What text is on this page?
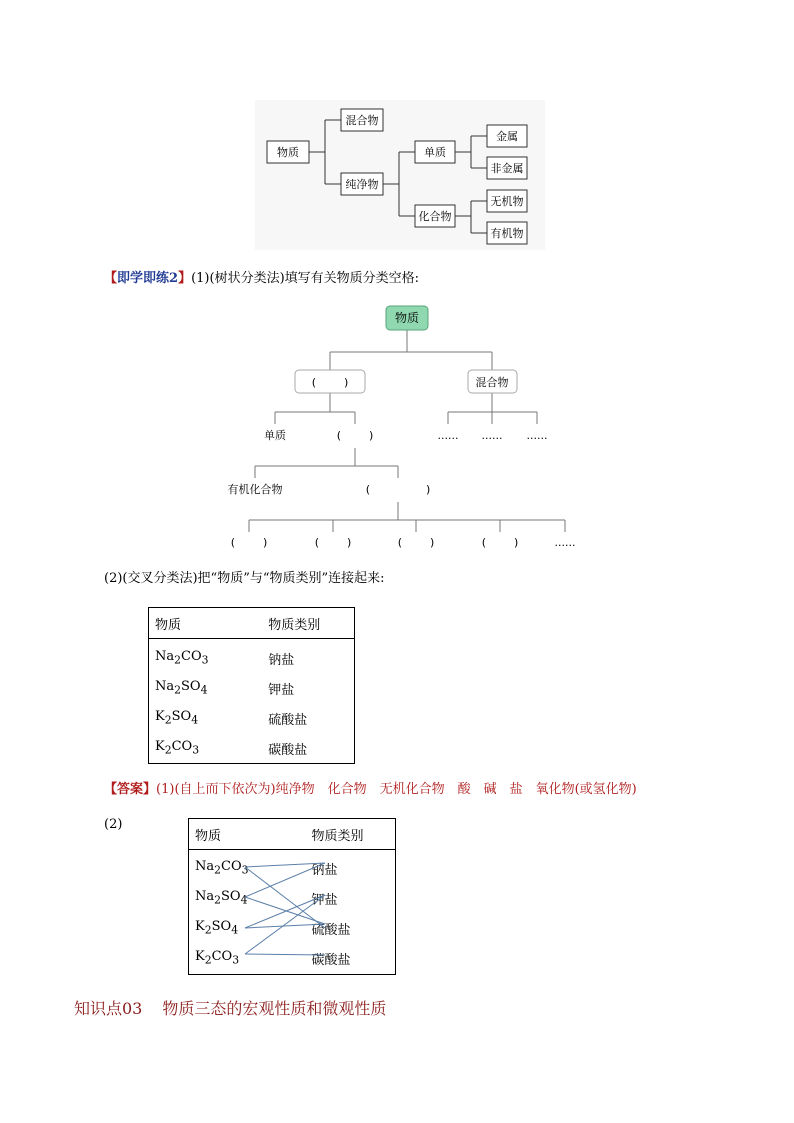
物质
混合物
纯净物
单质
化合物
金属
非金属
无机物
有机物
【即学即练2】(1)(树状分类法)填写有关物质分类空格:
物质
(        )	混合物
单质	(        )	...... ...... ......
有机化合物	(                )
(        )	(        )	(        )	(        )	......
(2)(交叉分类法)把“物质”与“物质类别”连接起来:
物质	物质类别

$Na_2CO_3$	钠盐
$Na_2SO_4$	钾盐
$K_2SO_4$	硫酸盐
$K_2CO_3$	碳酸盐
【答案】(1)(自上而下依次为)纯净物　化合物　无机化合物　酸　碱　盐　氧化物(或氢化物)
(2)
物质	物质类别

$Na_2CO_3$	钠盐
$Na_2SO_4$	钾盐
$K_2SO_4$	硫酸盐
$K_2CO_3$	碳酸盐
知识点03 物质三态的宏观性质和微观性质
